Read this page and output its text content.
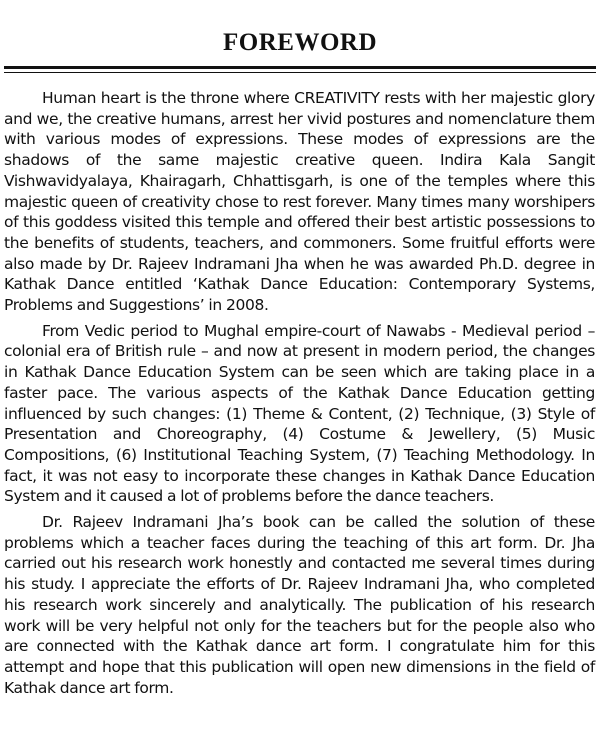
FOREWORD

Human heart is the throne where CREATIVITY rests with her majestic glory and we, the creative humans, arrest her vivid postures and nomenclature them with various modes of expressions. These modes of expressions are the shadows of the same majestic creative queen. Indira Kala Sangit Vishwavidyalaya, Khairagarh, Chhattisgarh, is one of the temples where this majestic queen of creativity chose to rest forever. Many times many worshipers of this goddess visited this temple and offered their best artistic possessions to the benefits of students, teachers, and commoners. Some fruitful efforts were also made by Dr. Rajeev Indramani Jha when he was awarded Ph.D. degree in Kathak Dance entitled ‘Kathak Dance Education: Contemporary Systems, Problems and Suggestions’ in 2008.

From Vedic period to Mughal empire-court of Nawabs - Medieval period – colonial era of British rule – and now at present in modern period, the changes in Kathak Dance Education System can be seen which are taking place in a faster pace. The various aspects of the Kathak Dance Education getting influenced by such changes: (1) Theme & Content, (2) Technique, (3) Style of Presentation and Choreography, (4) Costume & Jewellery, (5) Music Compositions, (6) Institutional Teaching System, (7) Teaching Methodology. In fact, it was not easy to incorporate these changes in Kathak Dance Education System and it caused a lot of problems before the dance teachers.

Dr. Rajeev Indramani Jha’s book can be called the solution of these problems which a teacher faces during the teaching of this art form. Dr. Jha carried out his research work honestly and contacted me several times during his study. I appreciate the efforts of Dr. Rajeev Indramani Jha, who completed his research work sincerely and analytically. The publication of his research work will be very helpful not only for the teachers but for the people also who are connected with the Kathak dance art form. I congratulate him for this attempt and hope that this publication will open new dimensions in the field of Kathak dance art form.
